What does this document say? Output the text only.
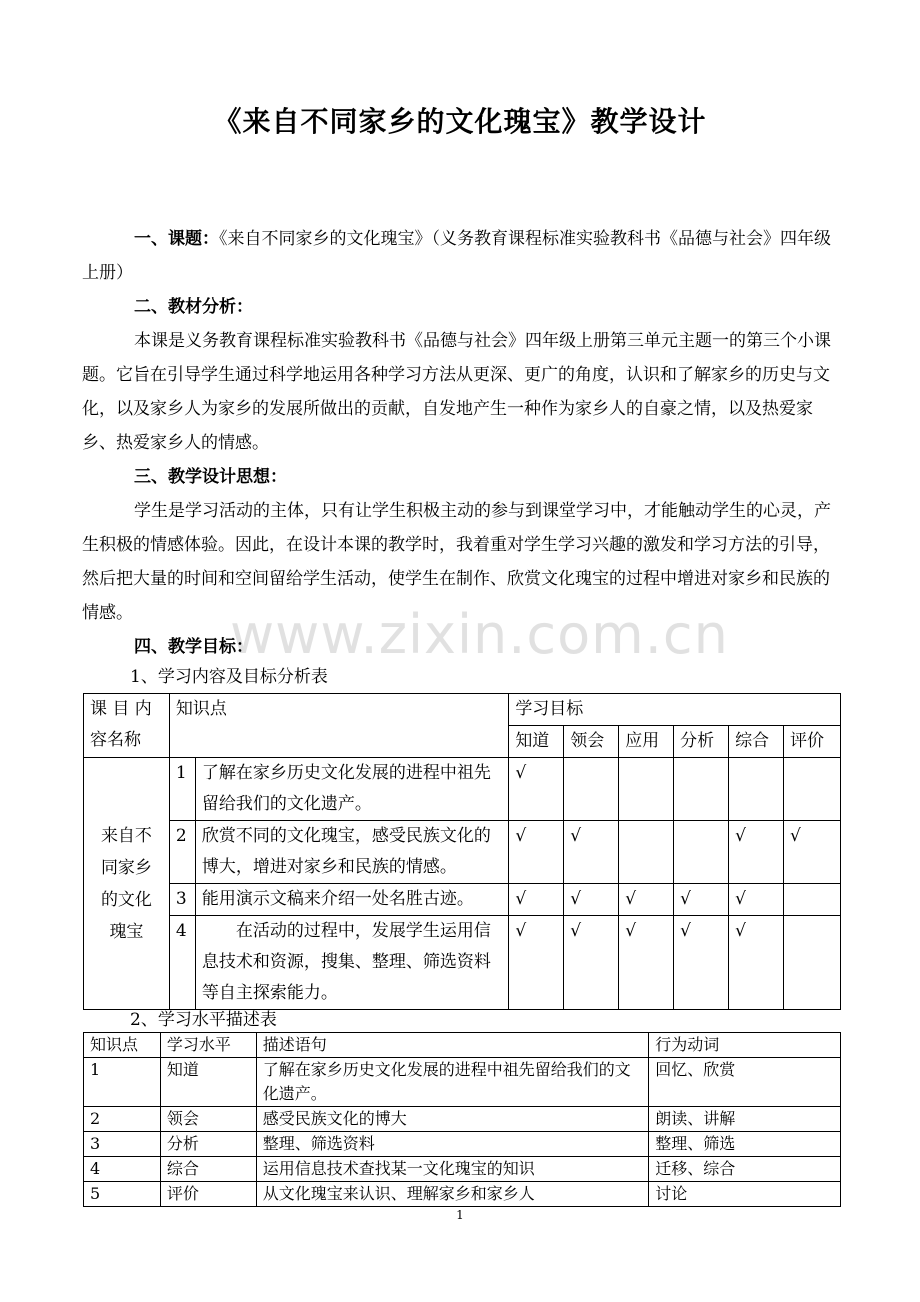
《来自不同家乡的文化瑰宝》教学设计
一、课题：《来自不同家乡的文化瑰宝》（义务教育课程标准实验教科书《品德与社会》四年级上册）
二、教材分析：
本课是义务教育课程标准实验教科书《品德与社会》四年级上册第三单元主题一的第三个小课题。它旨在引导学生通过科学地运用各种学习方法从更深、更广的角度，认识和了解家乡的历史与文化，以及家乡人为家乡的发展所做出的贡献，自发地产生一种作为家乡人的自豪之情，以及热爱家乡、热爱家乡人的情感。
三、教学设计思想：
学生是学习活动的主体，只有让学生积极主动的参与到课堂学习中，才能触动学生的心灵，产生积极的情感体验。因此，在设计本课的教学时，我着重对学生学习兴趣的激发和学习方法的引导，然后把大量的时间和空间留给学生活动，使学生在制作、欣赏文化瑰宝的过程中增进对家乡和民族的情感。	www.zixin.com.cn
四、教学目标：
1、学习内容及目标分析表
课 目 内 容名称	知识点		学习目标					
			知道	领会	应用	分析	综合	评价
来自不同家乡的文化瑰宝	1	了解在家乡历史文化发展的进程中祖先留给我们的文化遗产。	√					
	2	欣赏不同的文化瑰宝，感受民族文化的博大，增进对家乡和民族的情感。	√	√			√	√
	3	能用演示文稿来介绍一处名胜古迹。	√	√	√	√	√	
	4	在活动的过程中，发展学生运用信息技术和资源，搜集、整理、筛选资料等自主探索能力。	√	√	√	√	√	
2、学习水平描述表
知识点	学习水平	描述语句	行为动词
1	知道	了解在家乡历史文化发展的进程中祖先留给我们的文化遗产。	回忆、欣赏
2	领会	感受民族文化的博大	朗读、讲解
3	分析	整理、筛选资料	整理、筛选
4	综合	运用信息技术查找某一文化瑰宝的知识	迁移、综合
5	评价	从文化瑰宝来认识、理解家乡和家乡人	讨论
1
